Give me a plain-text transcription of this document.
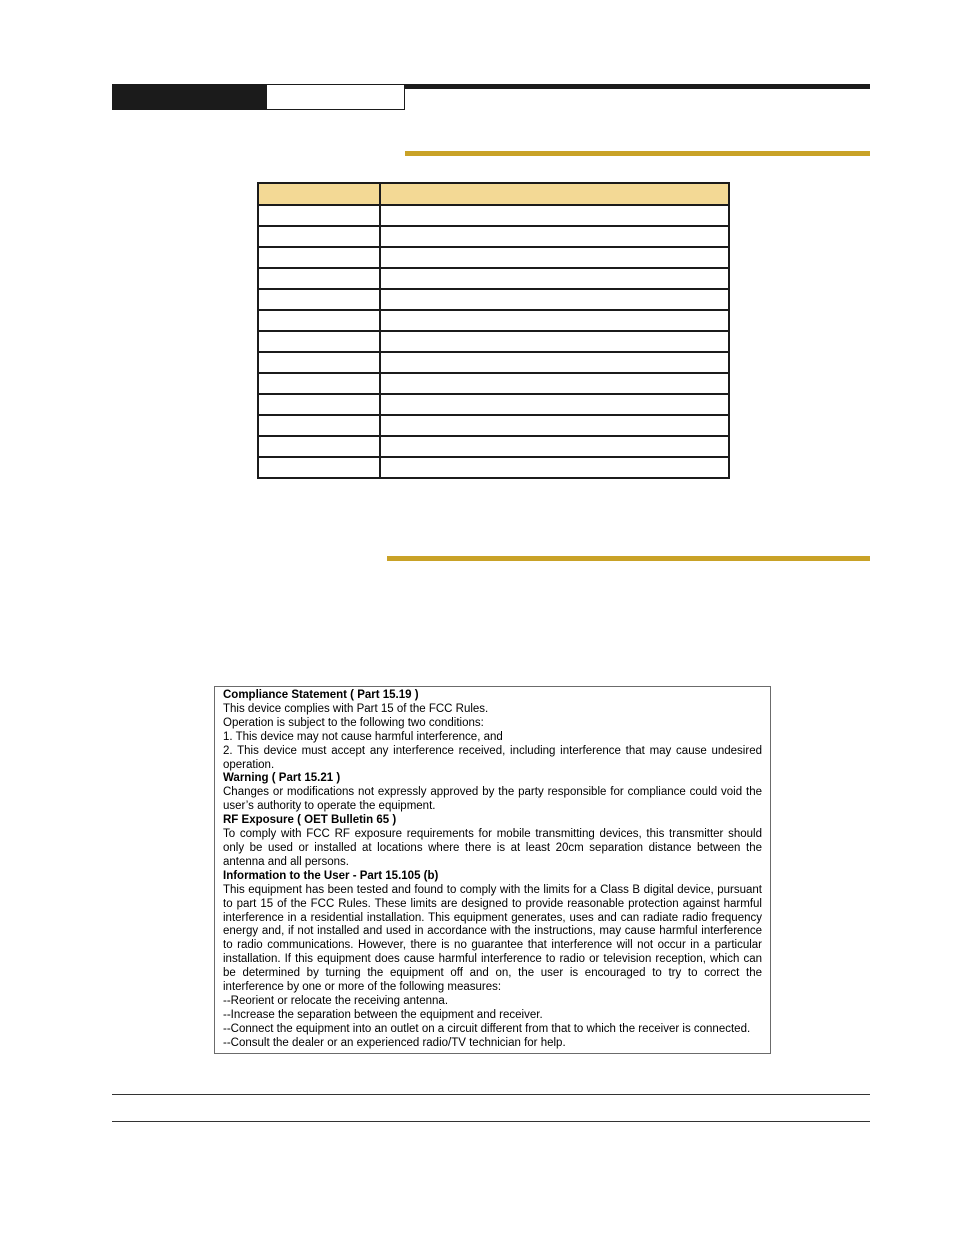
Compliance Statement ( Part 15.19 )

This device complies with Part 15 of the FCC Rules.

Operation is subject to the following two conditions:

1. This device may not cause harmful interference, and

2. This device must accept any interference received, including interference that may cause undesired operation.

Warning ( Part 15.21 )

Changes or modifications not expressly approved by the party responsible for compliance could void the user’s authority to operate the equipment.

RF Exposure ( OET Bulletin 65 )

To comply with FCC RF exposure requirements for mobile transmitting devices, this transmitter should only be used or installed at locations where there is at least 20cm separation distance between the antenna and all persons.

Information to the User - Part 15.105 (b)

This equipment has been tested and found to comply with the limits for a Class B digital device, pursuant to part 15 of the FCC Rules. These limits are designed to provide reasonable protection against harmful interference in a residential installation. This equipment generates, uses and can radiate radio frequency energy and, if not installed and used in accordance with the instructions, may cause harmful interference to radio communications. However, there is no guarantee that interference will not occur in a particular installation. If this equipment does cause harmful interference to radio or television reception, which can be determined by turning the equipment off and on, the user is encouraged to try to correct the interference by one or more of the following measures:

--Reorient or relocate the receiving antenna.

--Increase the separation between the equipment and receiver.

--Connect the equipment into an outlet on a circuit different from that to which the receiver is connected.

--Consult the dealer or an experienced radio/TV technician for help.
